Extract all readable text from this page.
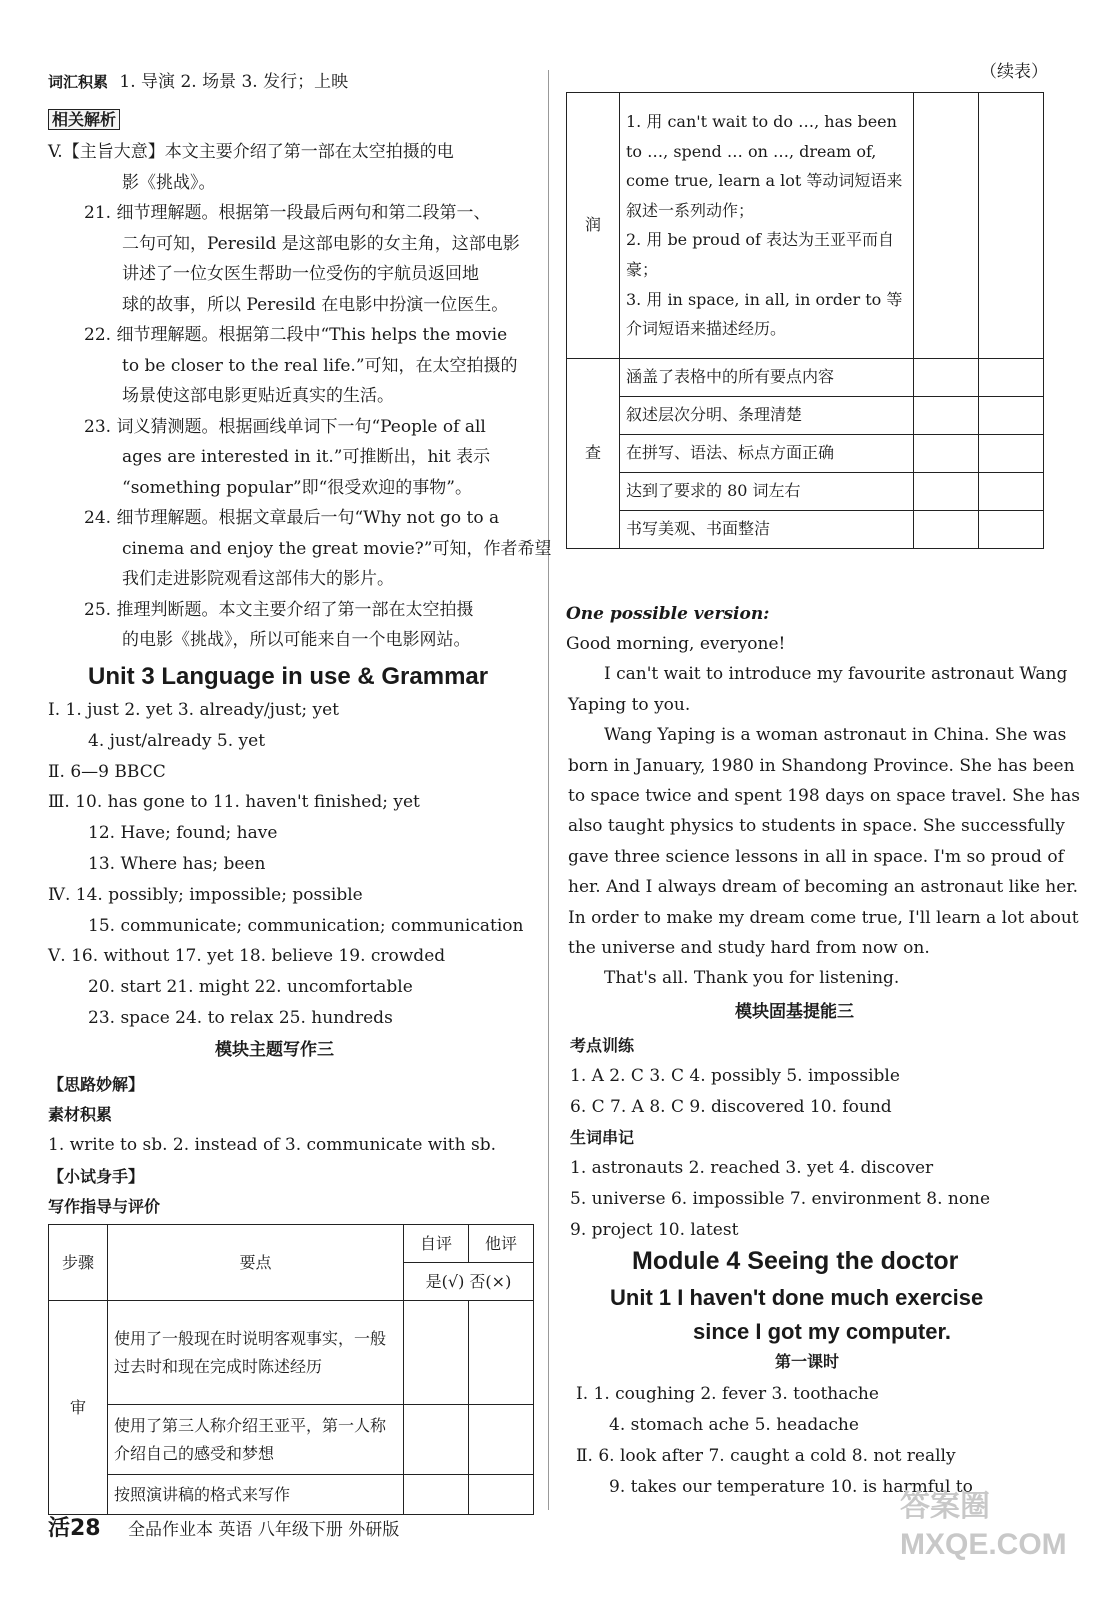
词汇积累 1. 导演 2. 场景 3. 发行；上映
相关解析
V.【主旨大意】本文主要介绍了第一部在太空拍摄的电
影《挑战》。
21. 细节理解题。根据第一段最后两句和第二段第一、
二句可知，Peresild 是这部电影的女主角，这部电影
讲述了一位女医生帮助一位受伤的宇航员返回地
球的故事，所以 Peresild 在电影中扮演一位医生。
22. 细节理解题。根据第二段中“This helps the movie
to be closer to the real life.”可知，在太空拍摄的
场景使这部电影更贴近真实的生活。
23. 词义猜测题。根据画线单词下一句“People of all
ages are interested in it.”可推断出，hit 表示
“something popular”即“很受欢迎的事物”。
24. 细节理解题。根据文章最后一句“Why not go to a
cinema and enjoy the great movie?”可知，作者希望
我们走进影院观看这部伟大的影片。
25. 推理判断题。本文主要介绍了第一部在太空拍摄
的电影《挑战》，所以可能来自一个电影网站。
Unit 3 Language in use & Grammar
Ⅰ. 1. just 2. yet 3. already/just; yet
4. just/already 5. yet
Ⅱ. 6—9 BBCC
Ⅲ. 10. has gone to 11. haven't finished; yet
12. Have; found; have
13. Where has; been
Ⅳ. 14. possibly; impossible; possible
15. communicate; communication; communication
Ⅴ. 16. without 17. yet 18. believe 19. crowded
20. start 21. might 22. uncomfortable
23. space 24. to relax 25. hundreds
模块主题写作三
【思路妙解】
素材积累
1. write to sb. 2. instead of 3. communicate with sb.
【小试身手】
写作指导与评价
步骤	要点	自评	他评
		是(√) 否(×)	
审	使用了一般现在时说明客观事实，一般过去时和现在完成时陈述经历		
	使用了第三人称介绍王亚平，第一人称介绍自己的感受和梦想		
	按照演讲稿的格式来写作		
（续表）
润	1. 用 can't wait to do …, has been to …, spend … on …, dream of, come true, learn a lot 等动词短语来叙述一系列动作；		
	2. 用 be proud of 表达为王亚平而自豪；		
	3. 用 in space, in all, in order to 等介词短语来描述经历。		
查	涵盖了表格中的所有要点内容		
	叙述层次分明、条理清楚		
	在拼写、语法、标点方面正确		
	达到了要求的 80 词左右		
	书写美观、书面整洁		
One possible version:
Good morning, everyone!
I can't wait to introduce my favourite astronaut Wang
Yaping to you.
Wang Yaping is a woman astronaut in China. She was
born in January, 1980 in Shandong Province. She has been
to space twice and spent 198 days on space travel. She has
also taught physics to students in space. She successfully
gave three science lessons in all in space. I'm so proud of
her. And I always dream of becoming an astronaut like her.
In order to make my dream come true, I'll learn a lot about
the universe and study hard from now on.
That's all. Thank you for listening.
模块固基提能三
考点训练
1. A 2. C 3. C 4. possibly 5. impossible
6. C 7. A 8. C 9. discovered 10. found
生词串记
1. astronauts 2. reached 3. yet 4. discover
5. universe 6. impossible 7. environment 8. none
9. project 10. latest
Module 4 Seeing the doctor
Unit 1 I haven't done much exercise
since I got my computer.
第一课时
Ⅰ. 1. coughing 2. fever 3. toothache
4. stomach ache 5. headache
Ⅱ. 6. look after 7. caught a cold 8. not really
9. takes our temperature 10. is harmful to
活28 全品作业本 英语 八年级下册 外研版
答案圈 MXQE.COM
